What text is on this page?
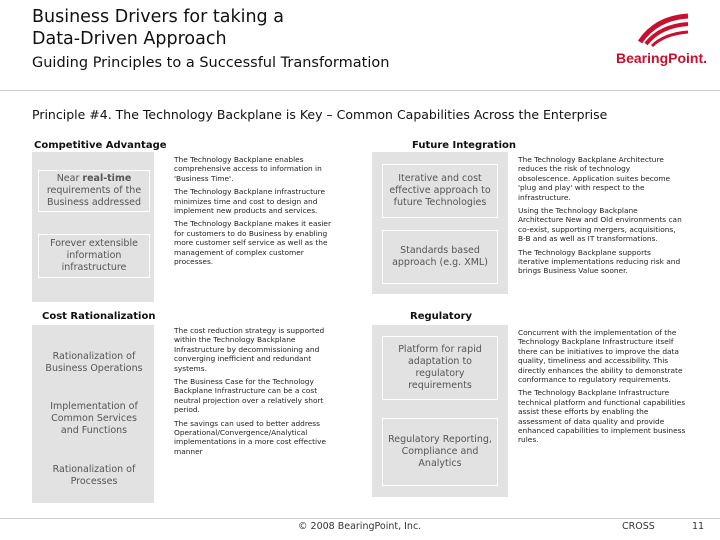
Business Drivers for taking a
Data-Driven Approach
Guiding Principles to a Successful Transformation	BearingPoint.
Principle #4. The Technology Backplane is Key – Common Capabilities Across the Enterprise
Competitive Advantage
Near real-time requirements of the Business addressed
Forever extensible information infrastructure

The Technology Backplane enables comprehensive access to information in 'Business Time'.

The Technology Backplane infrastructure minimizes time and cost to design and implement new products and services.

The Technology Backplane makes it easier for customers to do Business by enabling more customer self service as well as the management of complex customer processes.

Future Integration
Iterative and cost effective approach to future Technologies
Standards based approach (e.g. XML)

The Technology Backplane Architecture reduces the risk of technology obsolescence. Application suites become 'plug and play' with respect to the infrastructure.

Using the Technology Backplane Architecture New and Old environments can co-exist, supporting mergers, acquisitions, B-B and as well as IT transformations.

The Technology Backplane supports iterative implementations reducing risk and brings Business Value sooner.

Cost Rationalization
Rationalization of Business Operations
Implementation of Common Services and Functions
Rationalization of Processes

The cost reduction strategy is supported within the Technology Backplane Infrastructure by decommissioning and converging inefficient and redundant systems.

The Business Case for the Technology Backplane Infrastructure can be a cost neutral projection over a relatively short period.

The savings can used to better address Operational/Convergence/Analytical implementations in a more cost effective manner

Regulatory
Platform for rapid adaptation to regulatory requirements
Regulatory Reporting, Compliance and Analytics

Concurrent with the implementation of the Technology Backplane Infrastructure itself there can be initiatives to improve the data quality, timeliness and accessibility. This directly enhances the ability to demonstrate conformance to regulatory requirements.

The Technology Backplane Infrastructure technical platform and functional capabilities assist these efforts by enabling the assessment of data quality and provide enhanced capabilities to implement business rules.

© 2008 BearingPoint, Inc.	CROSS	11
